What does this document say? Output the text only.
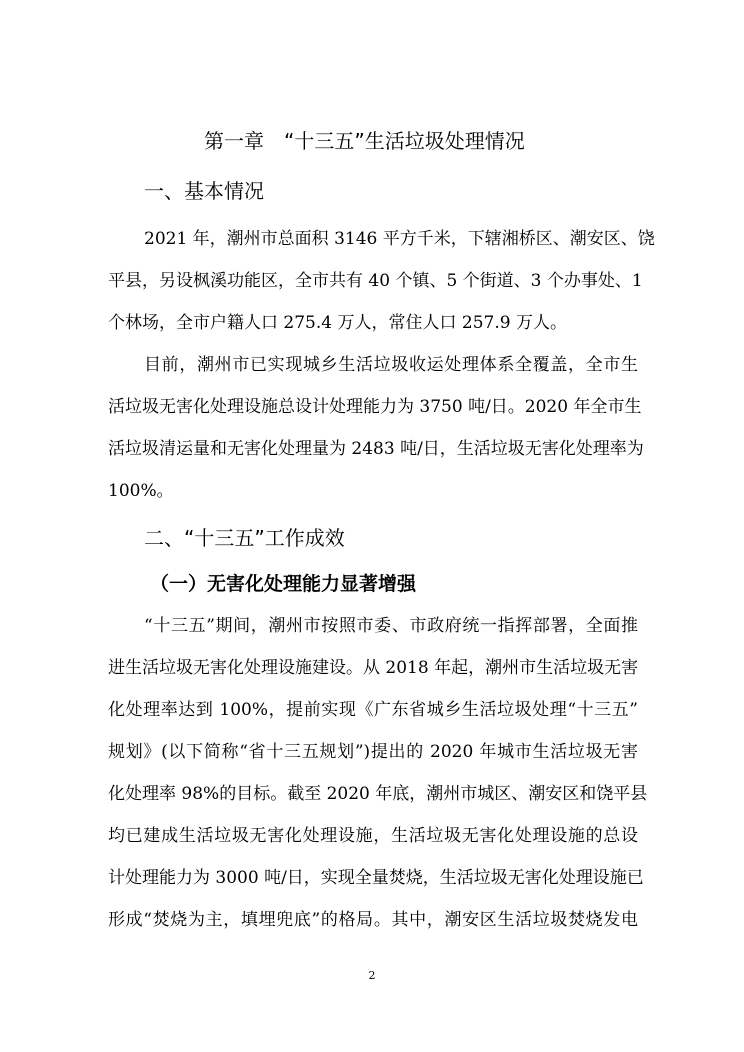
第一章　“十三五”生活垃圾处理情况
一、基本情况
2021 年，潮州市总面积 3146 平方千米，下辖湘桥区、潮安区、饶
平县，另设枫溪功能区，全市共有 40 个镇、5 个街道、3 个办事处、1
个林场，全市户籍人口 275.4 万人，常住人口 257.9 万人。
目前，潮州市已实现城乡生活垃圾收运处理体系全覆盖，全市生
活垃圾无害化处理设施总设计处理能力为 3750 吨/日。2020 年全市生
活垃圾清运量和无害化处理量为 2483 吨/日，生活垃圾无害化处理率为
100%。
二、“十三五”工作成效
（一）无害化处理能力显著增强
“十三五”期间，潮州市按照市委、市政府统一指挥部署，全面推
进生活垃圾无害化处理设施建设。从 2018 年起，潮州市生活垃圾无害
化处理率达到 100%，提前实现《广东省城乡生活垃圾处理“十三五”
规划》(以下简称“省十三五规划”)提出的 2020 年城市生活垃圾无害
化处理率 98%的目标。截至 2020 年底，潮州市城区、潮安区和饶平县
均已建成生活垃圾无害化处理设施，生活垃圾无害化处理设施的总设
计处理能力为 3000 吨/日，实现全量焚烧，生活垃圾无害化处理设施已
形成“焚烧为主，填埋兜底”的格局。其中，潮安区生活垃圾焚烧发电
2
